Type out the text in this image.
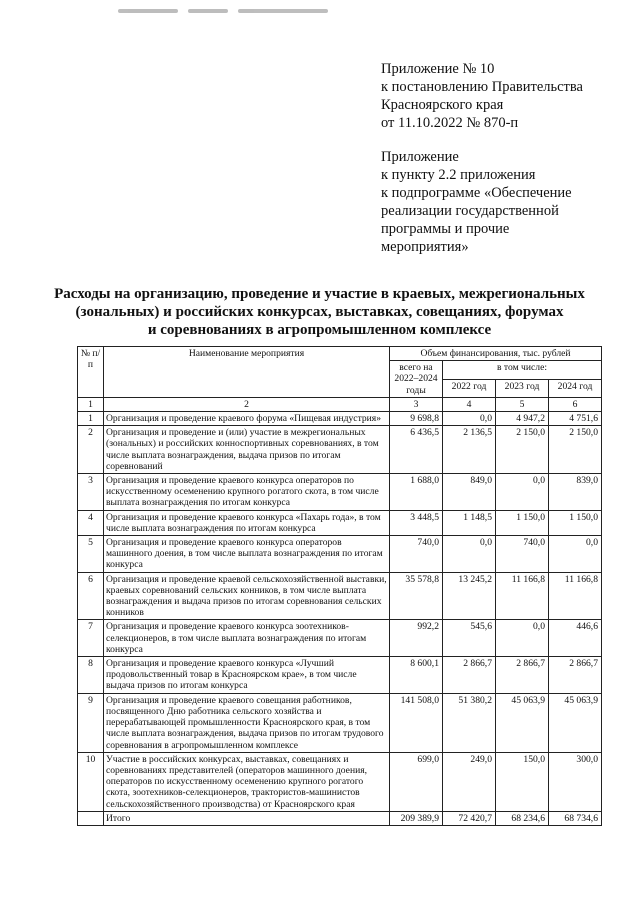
Приложение № 10
к постановлению Правительства
Красноярского края
от 11.10.2022 № 870-п
Приложение
к пункту 2.2 приложения
к подпрограмме «Обеспечение
реализации государственной
программы и прочие
мероприятия»
Расходы на организацию, проведение и участие в краевых, межрегиональных
(зональных) и российских конкурсах, выставках, совещаниях, форумах
и соревнованиях в агропромышленном комплексе
№ п/п	Наименование мероприятия	Объем финансирования, тыс. рублей			
		всего на 2022–2024 годы	в том числе:		
			2022 год	2023 год	2024 год
1	2	3	4	5	6
1	Организация и проведение краевого форума «Пищевая индустрия»	9 698,8	0,0	4 947,2	4 751,6
2	Организация и проведение и (или) участие в межрегиональных (зональных) и российских конноспортивных соревнованиях, в том числе выплата вознаграждения, выдача призов по итогам соревнований	6 436,5	2 136,5	2 150,0	2 150,0
3	Организация и проведение краевого конкурса операторов по искусственному осеменению крупного рогатого скота, в том числе выплата вознаграждения по итогам конкурса	1 688,0	849,0	0,0	839,0
4	Организация и проведение краевого конкурса «Пахарь года», в том числе выплата вознаграждения по итогам конкурса	3 448,5	1 148,5	1 150,0	1 150,0
5	Организация и проведение краевого конкурса операторов машинного доения, в том числе выплата вознаграждения по итогам конкурса	740,0	0,0	740,0	0,0
6	Организация и проведение краевой сельскохозяйственной выставки, краевых соревнований сельских конников, в том числе выплата вознаграждения и выдача призов по итогам соревнования сельских конников	35 578,8	13 245,2	11 166,8	11 166,8
7	Организация и проведение краевого конкурса зоотехников-селекционеров, в том числе выплата вознаграждения по итогам конкурса	992,2	545,6	0,0	446,6
8	Организация и проведение краевого конкурса «Лучший продовольственный товар в Красноярском крае», в том числе выдача призов по итогам конкурса	8 600,1	2 866,7	2 866,7	2 866,7
9	Организация и проведение краевого совещания работников, посвященного Дню работника сельского хозяйства и перерабатывающей промышленности Красноярского края, в том числе выплата вознаграждения, выдача призов по итогам трудового соревнования в агропромышленном комплексе	141 508,0	51 380,2	45 063,9	45 063,9
10	Участие в российских конкурсах, выставках, совещаниях и соревнованиях представителей (операторов машинного доения, операторов по искусственному осеменению крупного рогатого скота, зоотехников-селекционеров, трактористов-машинистов сельскохозяйственного производства) от Красноярского края	699,0	249,0	150,0	300,0
	Итого	209 389,9	72 420,7	68 234,6	68 734,6
